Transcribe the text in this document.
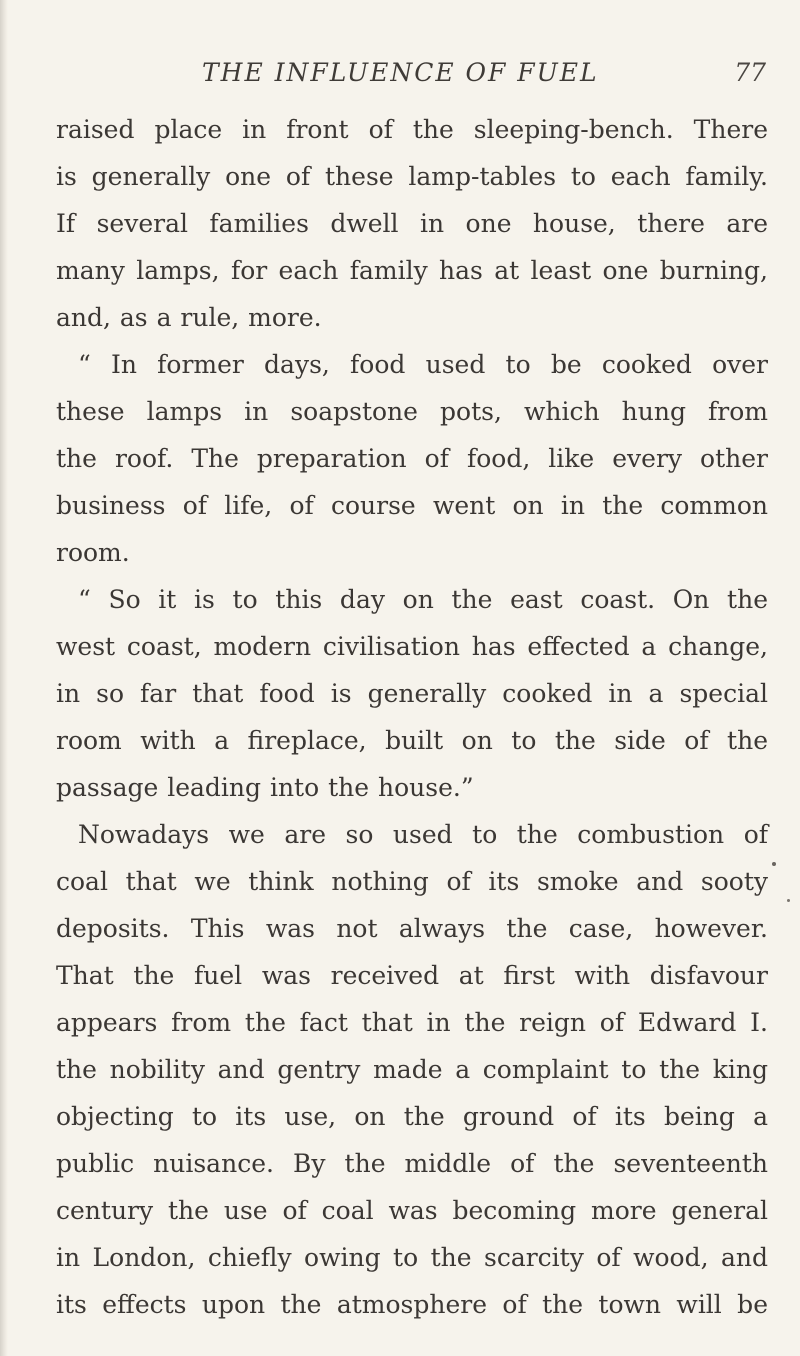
THE INFLUENCE OF FUEL	77
raised place in front of the sleeping-bench. There
is generally one of these lamp-tables to each family.
If several families dwell in one house, there are
many lamps, for each family has at least one burning,
and, as a rule, more.
“ In former days, food used to be cooked over
these lamps in soapstone pots, which hung from
the roof. The preparation of food, like every other
business of life, of course went on in the common
room.
“ So it is to this day on the east coast. On the
west coast, modern civilisation has effected a change,
in so far that food is generally cooked in a special
room with a fireplace, built on to the side of the
passage leading into the house.”
Nowadays we are so used to the combustion of
coal that we think nothing of its smoke and sooty
deposits. This was not always the case, however.
That the fuel was received at first with disfavour
appears from the fact that in the reign of Edward I.
the nobility and gentry made a complaint to the king
objecting to its use, on the ground of its being a
public nuisance. By the middle of the seventeenth
century the use of coal was becoming more general
in London, chiefly owing to the scarcity of wood, and
its effects upon the atmosphere of the town will be
